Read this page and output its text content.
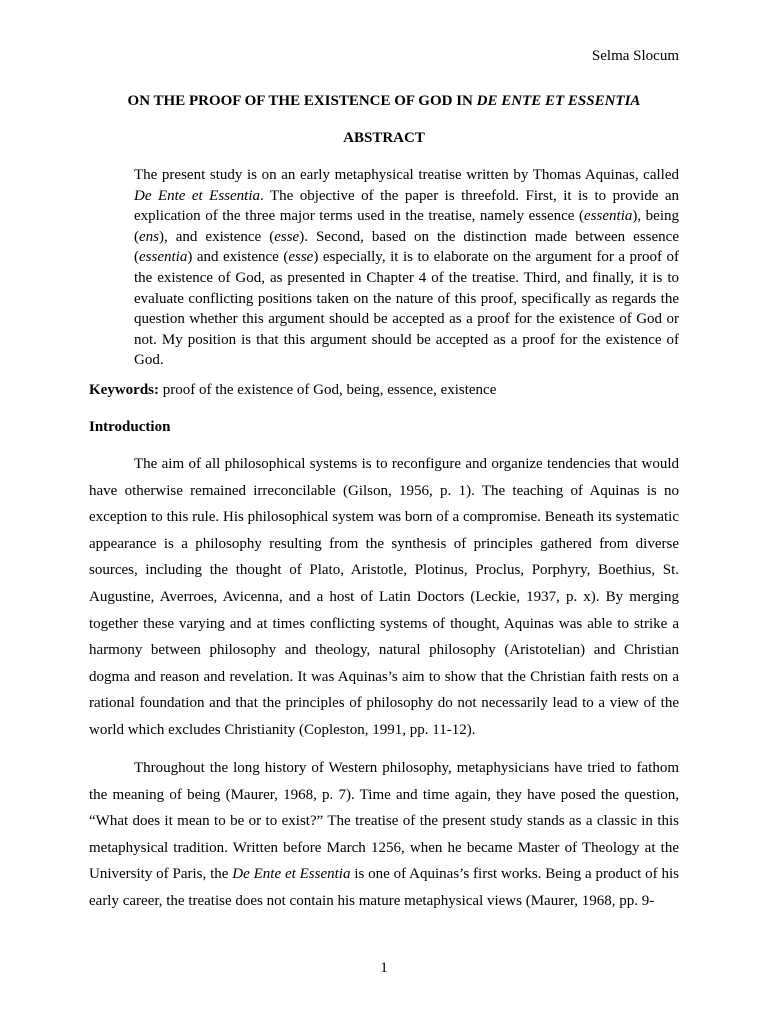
Selma Slocum
ON THE PROOF OF THE EXISTENCE OF GOD IN DE ENTE ET ESSENTIA
ABSTRACT

The present study is on an early metaphysical treatise written by Thomas Aquinas, called De Ente et Essentia. The objective of the paper is threefold. First, it is to provide an explication of the three major terms used in the treatise, namely essence (essentia), being (ens), and existence (esse). Second, based on the distinction made between essence (essentia) and existence (esse) especially, it is to elaborate on the argument for a proof of the existence of God, as presented in Chapter 4 of the treatise. Third, and finally, it is to evaluate conflicting positions taken on the nature of this proof, specifically as regards the question whether this argument should be accepted as a proof for the existence of God or not. My position is that this argument should be accepted as a proof for the existence of God.

Keywords: proof of the existence of God, being, essence, existence

Introduction

The aim of all philosophical systems is to reconfigure and organize tendencies that would have otherwise remained irreconcilable (Gilson, 1956, p. 1). The teaching of Aquinas is no exception to this rule. His philosophical system was born of a compromise. Beneath its systematic appearance is a philosophy resulting from the synthesis of principles gathered from diverse sources, including the thought of Plato, Aristotle, Plotinus, Proclus, Porphyry, Boethius, St. Augustine, Averroes, Avicenna, and a host of Latin Doctors (Leckie, 1937, p. x). By merging together these varying and at times conflicting systems of thought, Aquinas was able to strike a harmony between philosophy and theology, natural philosophy (Aristotelian) and Christian dogma and reason and revelation. It was Aquinas’s aim to show that the Christian faith rests on a rational foundation and that the principles of philosophy do not necessarily lead to a view of the world which excludes Christianity (Copleston, 1991, pp. 11-12).

Throughout the long history of Western philosophy, metaphysicians have tried to fathom the meaning of being (Maurer, 1968, p. 7). Time and time again, they have posed the question, “What does it mean to be or to exist?” The treatise of the present study stands as a classic in this metaphysical tradition. Written before March 1256, when he became Master of Theology at the University of Paris, the De Ente et Essentia is one of Aquinas’s first works. Being a product of his early career, the treatise does not contain his mature metaphysical views (Maurer, 1968, pp. 9-

1
